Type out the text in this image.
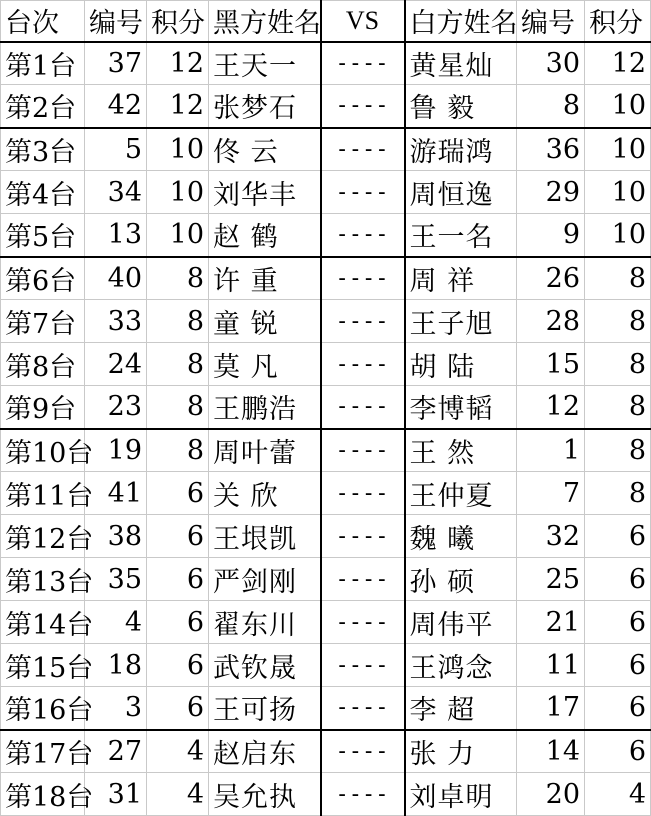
台次	编号	积分	黑方姓名	VS	白方姓名	编号	积分
第1台	37	12	王天一	----	黄星灿	30	12
第2台	42	12	张梦石	----	鲁 毅	8	10
第3台	5	10	佟 云	----	游瑞鸿	36	10
第4台	34	10	刘华丰	----	周恒逸	29	10
第5台	13	10	赵 鹤	----	王一名	9	10
第6台	40	8	许 重	----	周 祥	26	8
第7台	33	8	童 锐	----	王子旭	28	8
第8台	24	8	莫 凡	----	胡 陆	15	8
第9台	23	8	王鹏浩	----	李博韬	12	8
第10台	19	8	周叶蕾	----	王 然	1	8
第11台	41	6	关 欣	----	王仲夏	7	8
第12台	38	6	王垠凯	----	魏 曦	32	6
第13台	35	6	严剑刚	----	孙 硕	25	6
第14台	4	6	翟东川	----	周伟平	21	6
第15台	18	6	武钦晟	----	王鸿念	11	6
第16台	3	6	王可扬	----	李 超	17	6
第17台	27	4	赵启东	----	张 力	14	6
第18台	31	4	吴允执	----	刘卓明	20	4
